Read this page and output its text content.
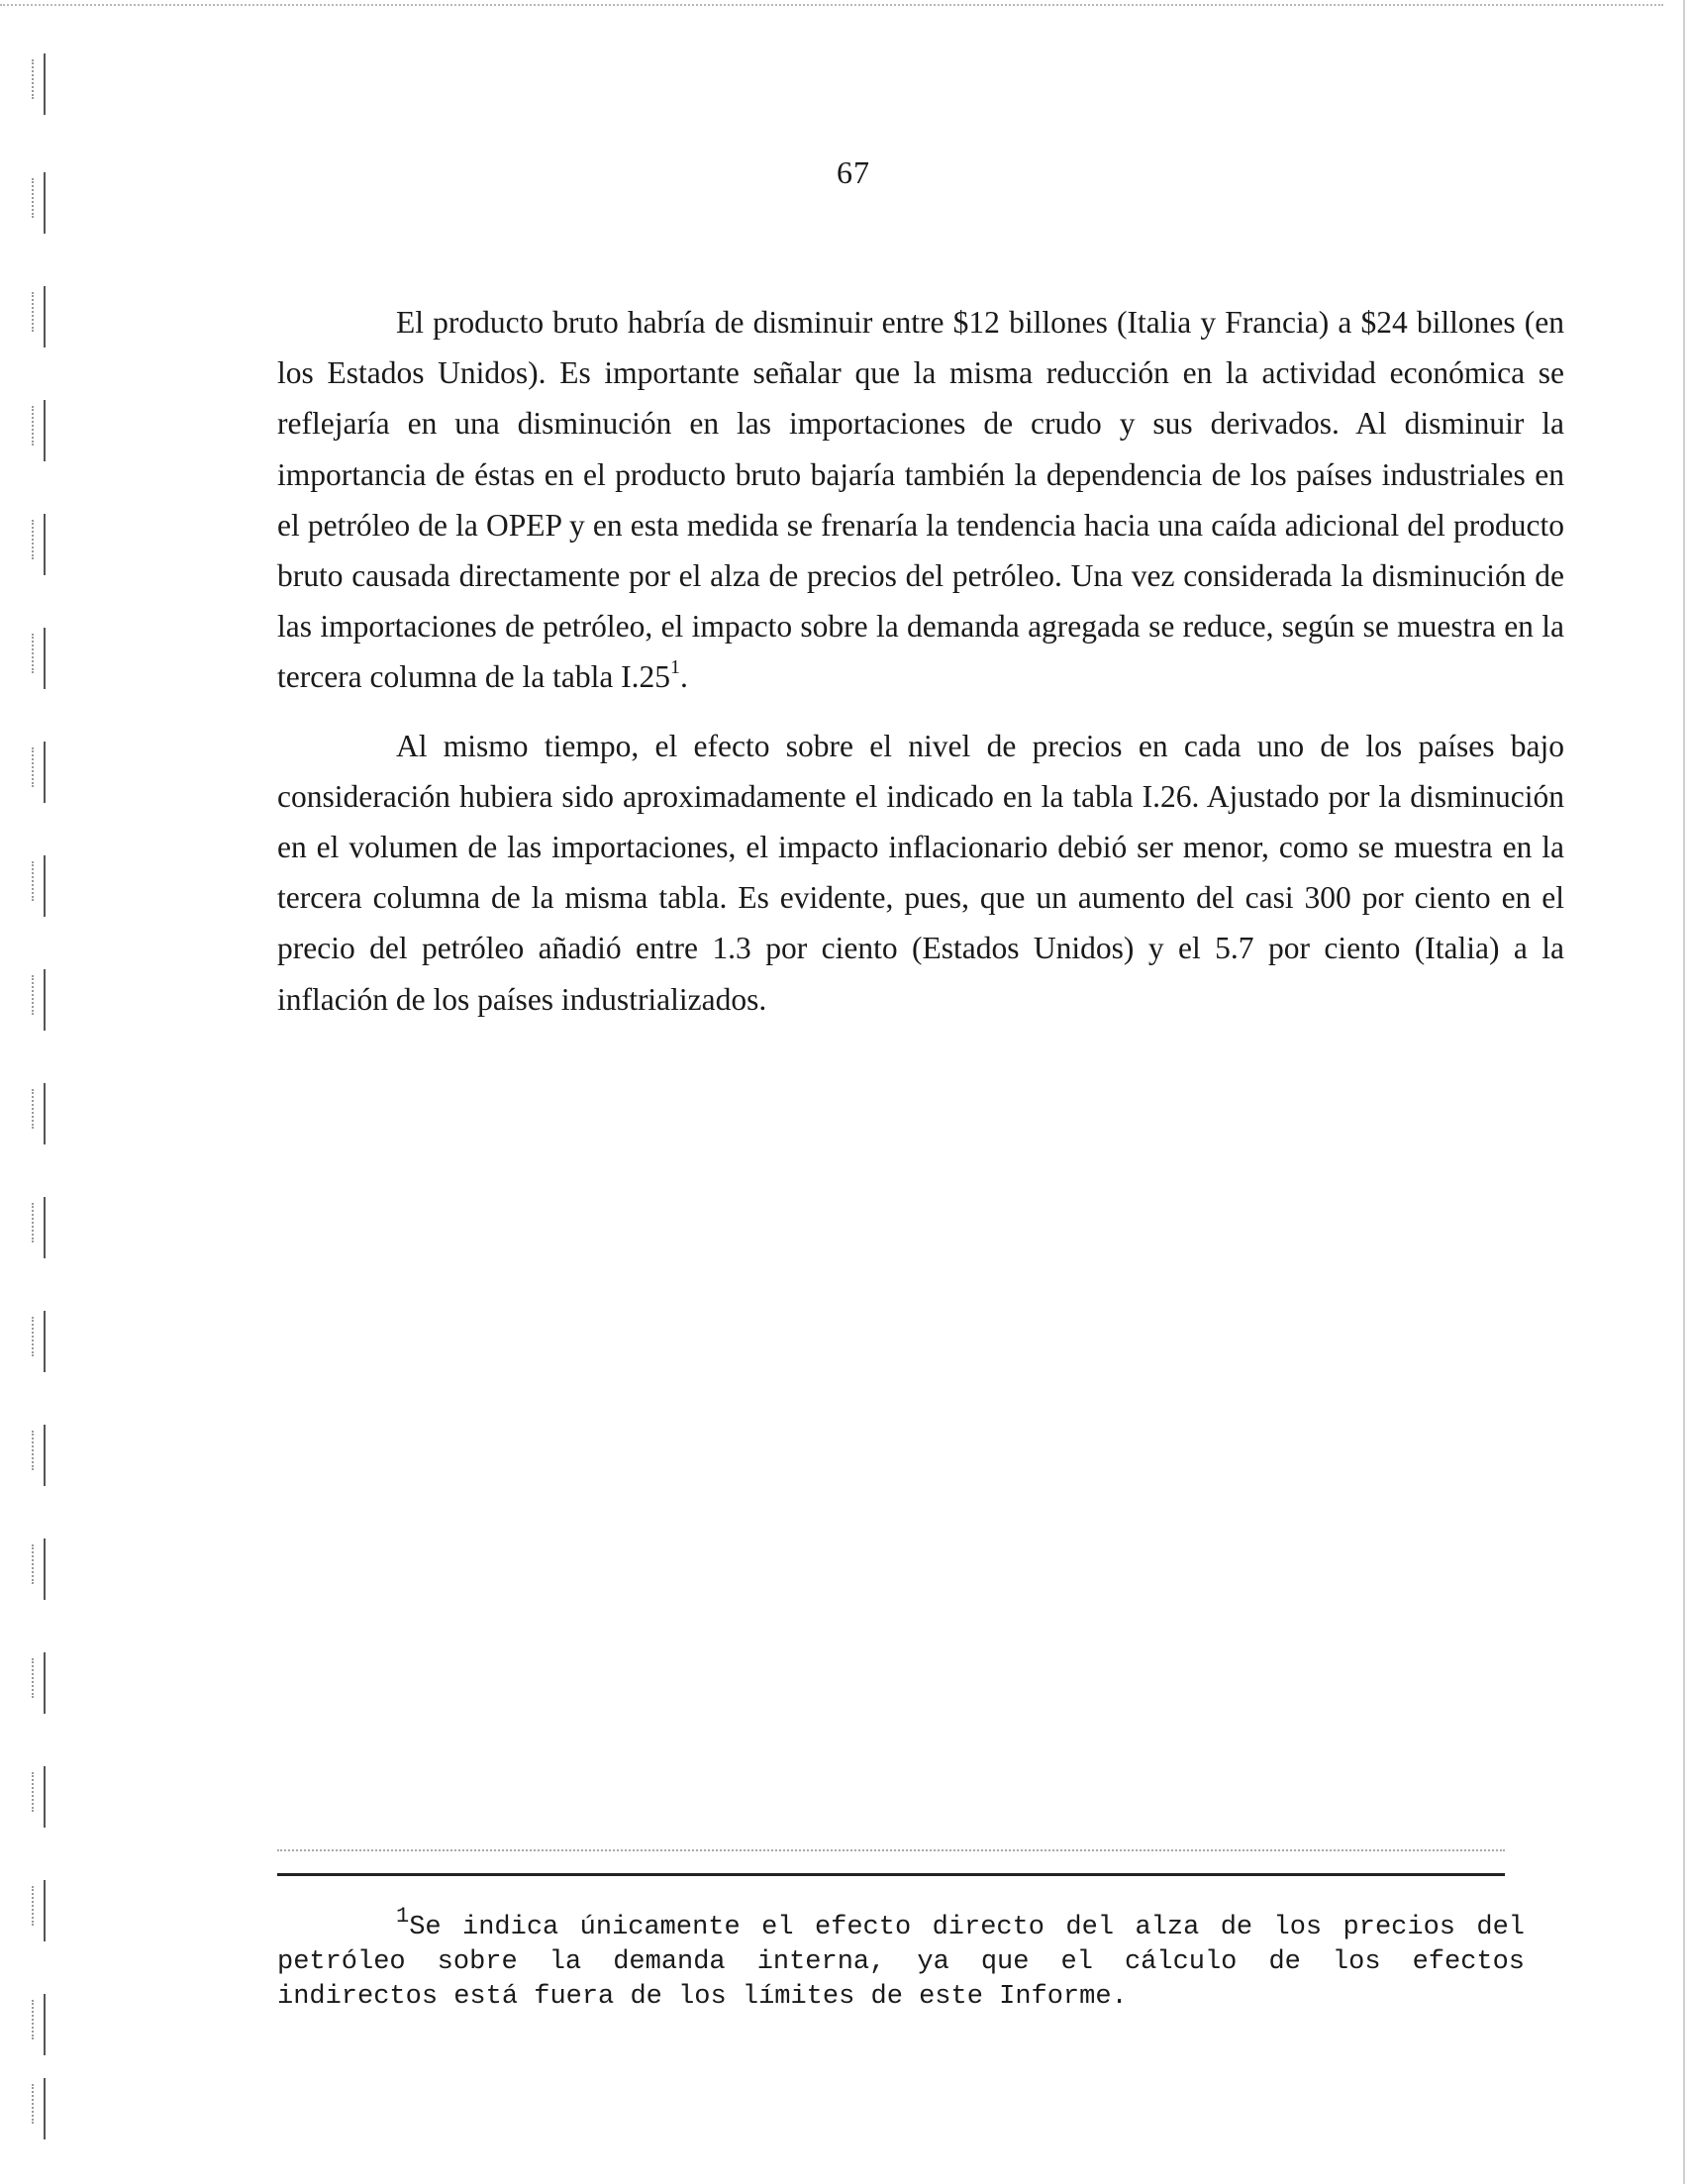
67

El producto bruto habría de disminuir entre $12 billones (Italia y Francia) a $24 billones (en los Estados Unidos). Es importante señalar que la misma reducción en la actividad económica se reflejaría en una disminución en las importaciones de crudo y sus derivados. Al disminuir la importancia de éstas en el producto bruto bajaría también la dependencia de los países industriales en el petróleo de la OPEP y en esta medida se frenaría la tendencia hacia una caída adicional del producto bruto causada directamente por el alza de precios del petróleo. Una vez considerada la disminución de las importaciones de petróleo, el impacto sobre la demanda agregada se reduce, según se muestra en la tercera columna de la tabla I.25$^1$.

Al mismo tiempo, el efecto sobre el nivel de precios en cada uno de los países bajo consideración hubiera sido aproximadamente el indicado en la tabla I.26. Ajustado por la disminución en el volumen de las importaciones, el impacto inflacionario debió ser menor, como se muestra en la tercera columna de la misma tabla. Es evidente, pues, que un aumento del casi 300 por ciento en el precio del petróleo añadió entre 1.3 por ciento (Estados Unidos) y el 5.7 por ciento (Italia) a la inflación de los países industrializados.

$^1$Se indica únicamente el efecto directo del alza de los precios del petróleo sobre la demanda interna, ya que el cálculo de los efectos indirectos está fuera de los límites de este Informe.
